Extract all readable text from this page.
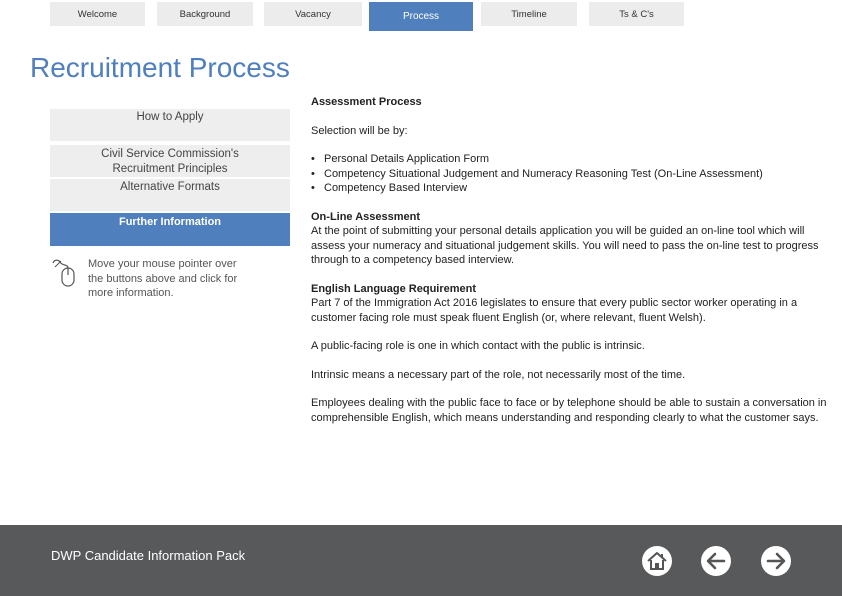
Welcome	Background	Vacancy	Process	Timeline	Ts & C's
Recruitment Process
How to Apply
Civil Service Commission's
Recruitment Principles
Alternative Formats
Further Information

Move your mouse pointer over the buttons above and click for more information.

Assessment Process
Selection will be by:
• Personal Details Application Form
• Competency Situational Judgement and Numeracy Reasoning Test (On-Line Assessment)
• Competency Based Interview
On-Line Assessment
At the point of submitting your personal details application you will be guided an on-line tool which will assess your numeracy and situational judgement skills. You will need to pass the on-line test to progress through to a competency based interview.
English Language Requirement
Part 7 of the Immigration Act 2016 legislates to ensure that every public sector worker operating in a customer facing role must speak fluent English (or, where relevant, fluent Welsh).
A public-facing role is one in which contact with the public is intrinsic.
Intrinsic means a necessary part of the role, not necessarily most of the time.
Employees dealing with the public face to face or by telephone should be able to sustain a conversation in comprehensible English, which means understanding and responding clearly to what the customer says.
DWP Candidate Information Pack
